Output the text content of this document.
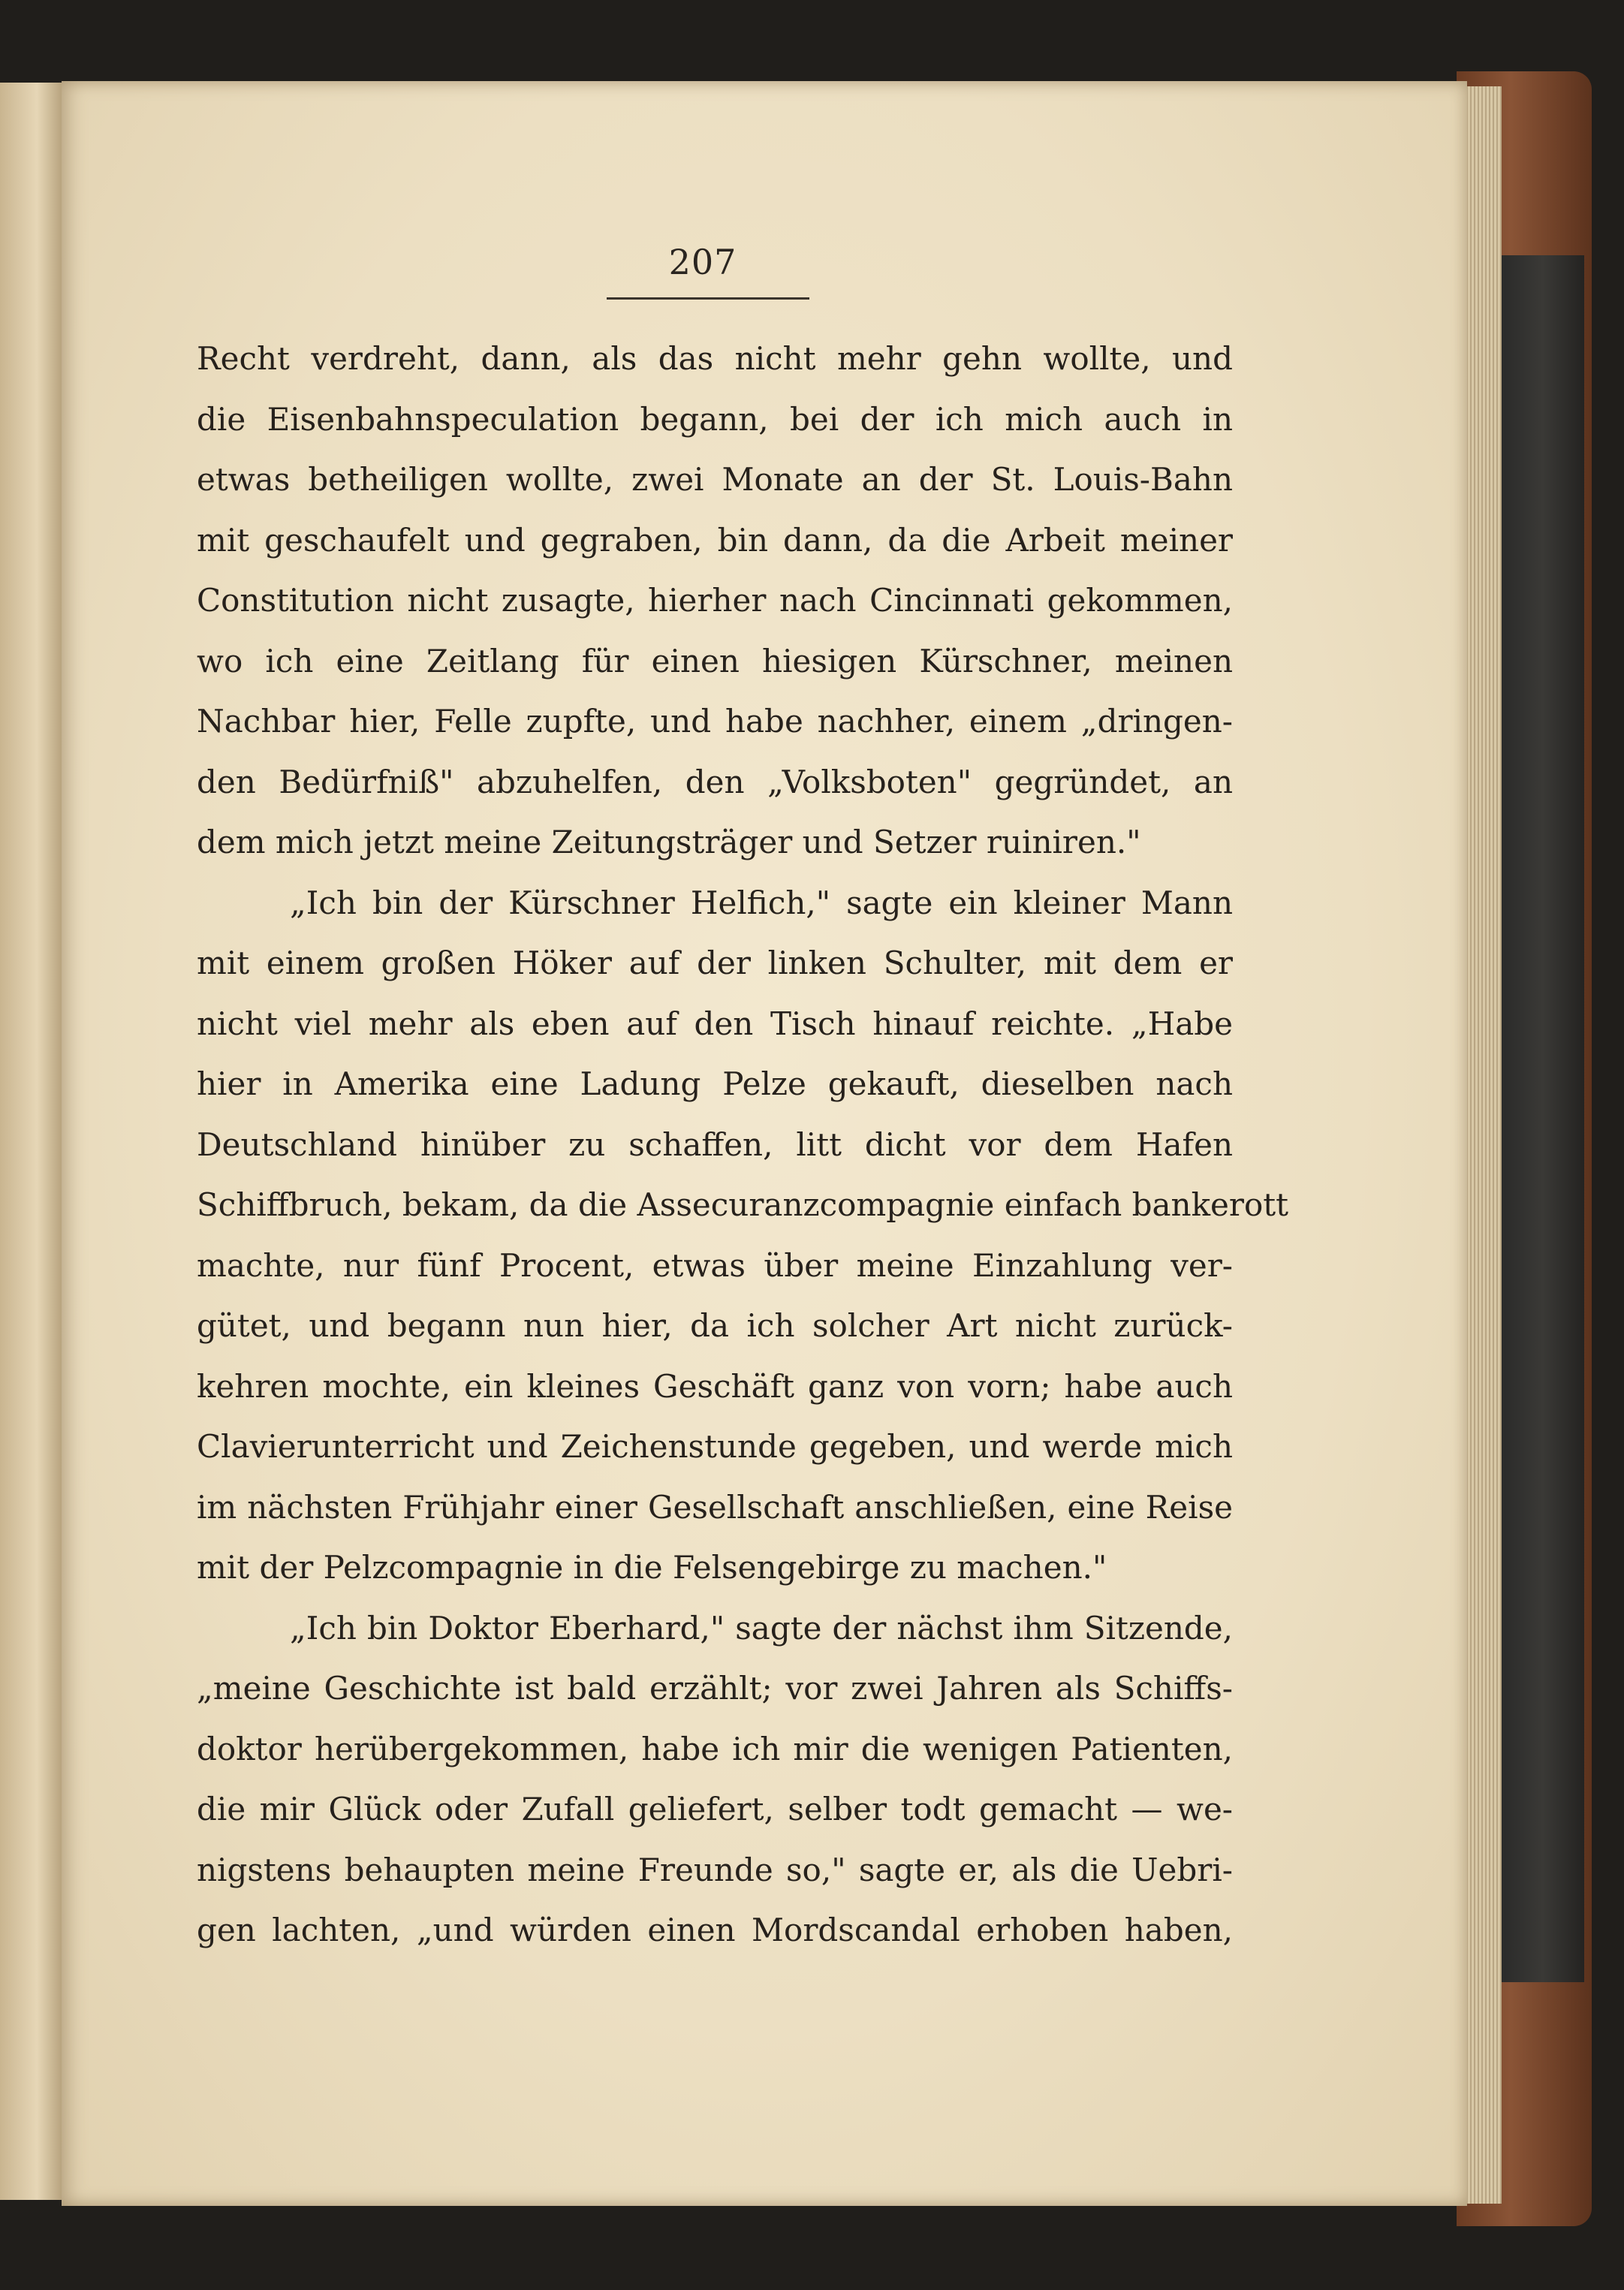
207
Recht verdreht, dann, als das nicht mehr gehn wollte, und
die Eisenbahnspeculation begann, bei der ich mich auch in
etwas betheiligen wollte, zwei Monate an der St. Louis-Bahn
mit geschaufelt und gegraben, bin dann, da die Arbeit meiner
Constitution nicht zusagte, hierher nach Cincinnati gekommen,
wo ich eine Zeitlang für einen hiesigen Kürschner, meinen
Nachbar hier, Felle zupfte, und habe nachher, einem „dringen-
den Bedürfniß" abzuhelfen, den „Volksboten" gegründet, an
dem mich jetzt meine Zeitungsträger und Setzer ruiniren."
„Ich bin der Kürschner Helfich," sagte ein kleiner Mann
mit einem großen Höker auf der linken Schulter, mit dem er
nicht viel mehr als eben auf den Tisch hinauf reichte. „Habe
hier in Amerika eine Ladung Pelze gekauft, dieselben nach
Deutschland hinüber zu schaffen, litt dicht vor dem Hafen
Schiffbruch, bekam, da die Assecuranzcompagnie einfach bankerott
machte, nur fünf Procent, etwas über meine Einzahlung ver-
gütet, und begann nun hier, da ich solcher Art nicht zurück-
kehren mochte, ein kleines Geschäft ganz von vorn; habe auch
Clavierunterricht und Zeichenstunde gegeben, und werde mich
im nächsten Frühjahr einer Gesellschaft anschließen, eine Reise
mit der Pelzcompagnie in die Felsengebirge zu machen."
„Ich bin Doktor Eberhard," sagte der nächst ihm Sitzende,
„meine Geschichte ist bald erzählt; vor zwei Jahren als Schiffs-
doktor herübergekommen, habe ich mir die wenigen Patienten,
die mir Glück oder Zufall geliefert, selber todt gemacht — we-
nigstens behaupten meine Freunde so," sagte er, als die Uebri-
gen lachten, „und würden einen Mordscandal erhoben haben,
